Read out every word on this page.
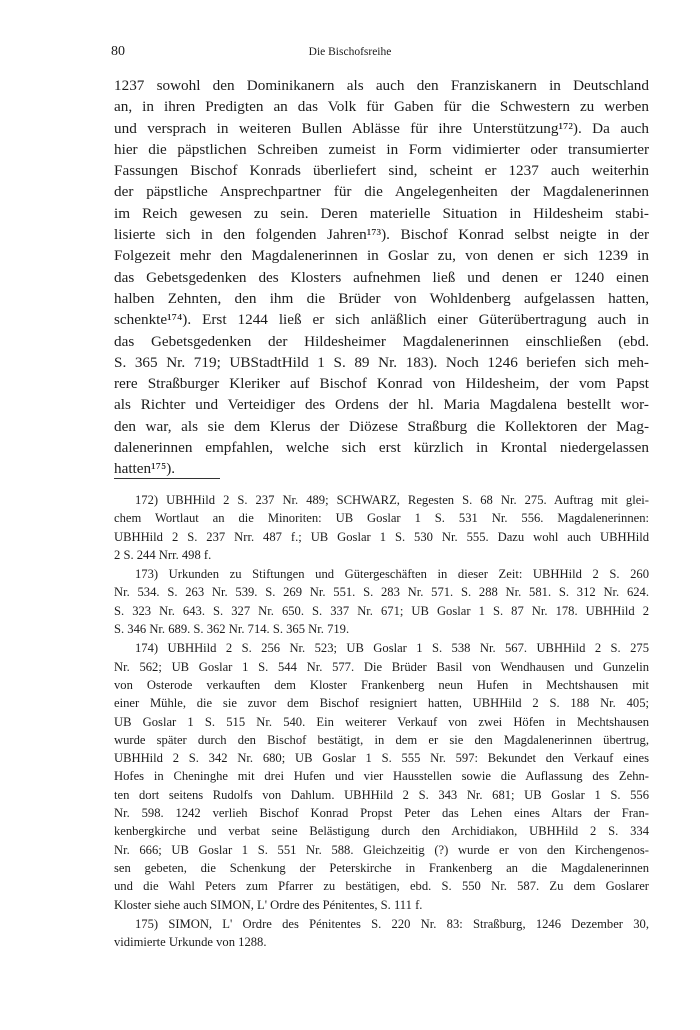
80	Die Bischofsreihe
1237 sowohl den Dominikanern als auch den Franziskanern in Deutschland
an, in ihren Predigten an das Volk für Gaben für die Schwestern zu werben
und versprach in weiteren Bullen Ablässe für ihre Unterstützung¹⁷²). Da auch
hier die päpstlichen Schreiben zumeist in Form vidimierter oder transumierter
Fassungen Bischof Konrads überliefert sind, scheint er 1237 auch weiterhin
der päpstliche Ansprechpartner für die Angelegenheiten der Magdalenerinnen
im Reich gewesen zu sein. Deren materielle Situation in Hildesheim stabi-
lisierte sich in den folgenden Jahren¹⁷³). Bischof Konrad selbst neigte in der
Folgezeit mehr den Magdalenerinnen in Goslar zu, von denen er sich 1239 in
das Gebetsgedenken des Klosters aufnehmen ließ und denen er 1240 einen
halben Zehnten, den ihm die Brüder von Wohldenberg aufgelassen hatten,
schenkte¹⁷⁴). Erst 1244 ließ er sich anläßlich einer Güterübertragung auch in
das Gebetsgedenken der Hildesheimer Magdalenerinnen einschließen (ebd.
S. 365 Nr. 719; UBStadtHild 1 S. 89 Nr. 183). Noch 1246 beriefen sich meh-
rere Straßburger Kleriker auf Bischof Konrad von Hildesheim, der vom Papst
als Richter und Verteidiger des Ordens der hl. Maria Magdalena bestellt wor-
den war, als sie dem Klerus der Diözese Straßburg die Kollektoren der Mag-
dalenerinnen empfahlen, welche sich erst kürzlich in Krontal niedergelassen
hatten¹⁷⁵).
172) UBHHild 2 S. 237 Nr. 489; SCHWARZ, Regesten S. 68 Nr. 275. Auftrag mit glei-
chem Wortlaut an die Minoriten: UB Goslar 1 S. 531 Nr. 556. Magdalenerinnen:
UBHHild 2 S. 237 Nrr. 487 f.; UB Goslar 1 S. 530 Nr. 555. Dazu wohl auch UBHHild
2 S. 244 Nrr. 498 f.
173) Urkunden zu Stiftungen und Gütergeschäften in dieser Zeit: UBHHild 2 S. 260
Nr. 534. S. 263 Nr. 539. S. 269 Nr. 551. S. 283 Nr. 571. S. 288 Nr. 581. S. 312 Nr. 624.
S. 323 Nr. 643. S. 327 Nr. 650. S. 337 Nr. 671; UB Goslar 1 S. 87 Nr. 178. UBHHild 2
S. 346 Nr. 689. S. 362 Nr. 714. S. 365 Nr. 719.
174) UBHHild 2 S. 256 Nr. 523; UB Goslar 1 S. 538 Nr. 567. UBHHild 2 S. 275
Nr. 562; UB Goslar 1 S. 544 Nr. 577. Die Brüder Basil von Wendhausen und Gunzelin
von Osterode verkauften dem Kloster Frankenberg neun Hufen in Mechtshausen mit
einer Mühle, die sie zuvor dem Bischof resigniert hatten, UBHHild 2 S. 188 Nr. 405;
UB Goslar 1 S. 515 Nr. 540. Ein weiterer Verkauf von zwei Höfen in Mechtshausen
wurde später durch den Bischof bestätigt, in dem er sie den Magdalenerinnen übertrug,
UBHHild 2 S. 342 Nr. 680; UB Goslar 1 S. 555 Nr. 597: Bekundet den Verkauf eines
Hofes in Cheninghe mit drei Hufen und vier Hausstellen sowie die Auflassung des Zehn-
ten dort seitens Rudolfs von Dahlum. UBHHild 2 S. 343 Nr. 681; UB Goslar 1 S. 556
Nr. 598. 1242 verlieh Bischof Konrad Propst Peter das Lehen eines Altars der Fran-
kenbergkirche und verbat seine Belästigung durch den Archidiakon, UBHHild 2 S. 334
Nr. 666; UB Goslar 1 S. 551 Nr. 588. Gleichzeitig (?) wurde er von den Kirchengenos-
sen gebeten, die Schenkung der Peterskirche in Frankenberg an die Magdalenerinnen
und die Wahl Peters zum Pfarrer zu bestätigen, ebd. S. 550 Nr. 587. Zu dem Goslarer
Kloster siehe auch SIMON, L' Ordre des Pénitentes, S. 111 f.
175) SIMON, L' Ordre des Pénitentes S. 220 Nr. 83: Straßburg, 1246 Dezember 30,
vidimierte Urkunde von 1288.
